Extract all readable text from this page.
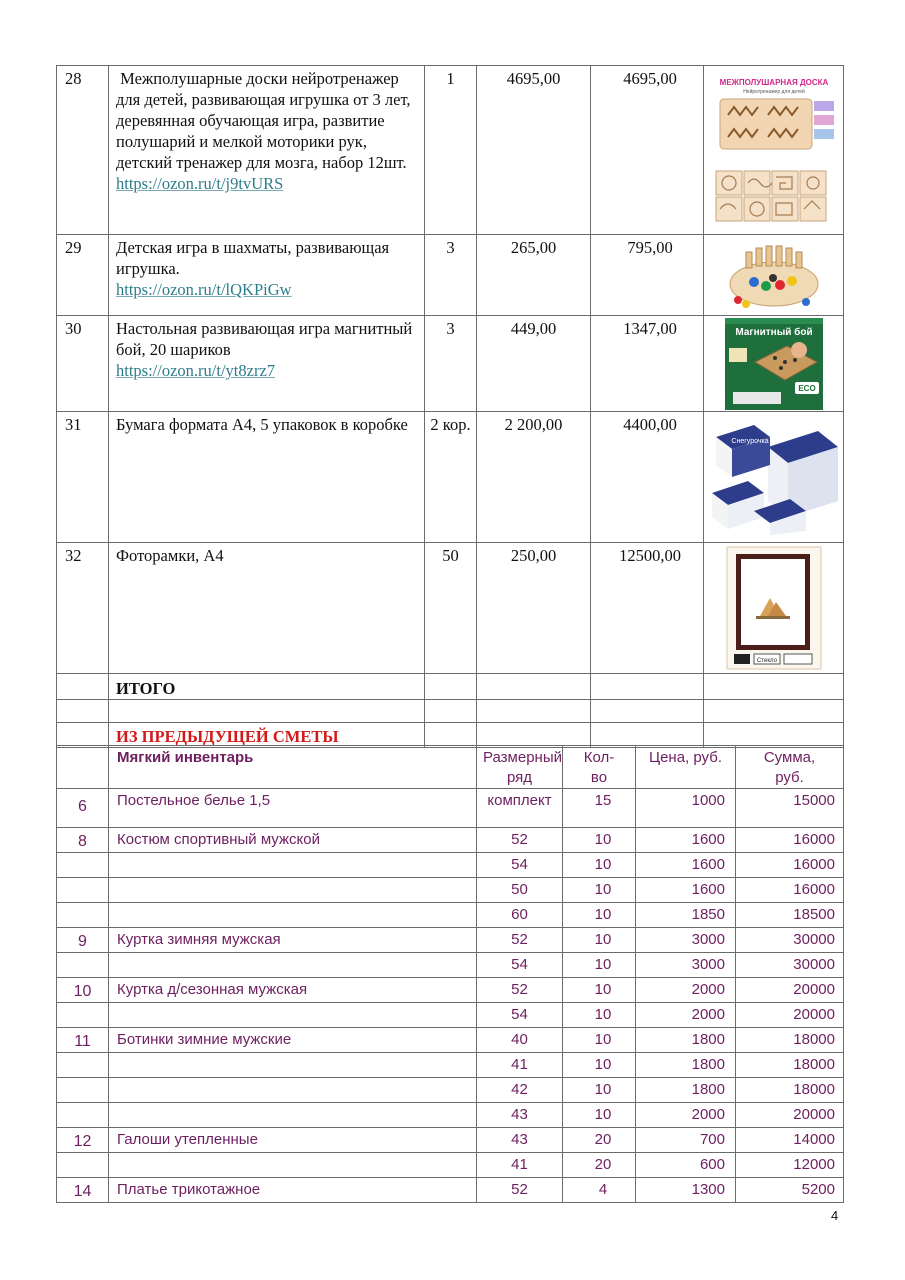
28	Межполушарные доски нейротренажер для детей, развивающая игрушка от 3 лет, деревянная обучающая игра, развитие полушарий и мелкой моторики рук, детский тренажер для мозга, набор 12шт.
https://ozon.ru/t/j9tvURS	1	4695,00	4695,00	МЕЖПОЛУШАРНАЯ ДОСКА
Нейротренажер для детей

29	Детская игра в шахматы, развивающая игрушка.
https://ozon.ru/t/lQKPiGw	3	265,00	795,00	

30	Настольная развивающая игра магнитный бой, 20 шариков
https://ozon.ru/t/yt8zrz7	3	449,00	1347,00	Магнитный бой
ECO

31	Бумага формата А4, 5 упаковок в коробке	2 кор.	2 200,00	4400,00	Снегурочка

32	Фоторамки, А4	50	250,00	12500,00	Стекло

	ИТОГО				

	ИЗ ПРЕДЫДУЩЕЙ СМЕТЫ				
	Мягкий инвентарь	Размерный ряд	Кол-во	Цена, руб.	Сумма, руб.
6	Постельное белье 1,5	комплект	15	1000	15000
8	Костюм спортивный мужской	52	10	1600	16000
		54	10	1600	16000
		50	10	1600	16000
		60	10	1850	18500
9	Куртка зимняя мужская	52	10	3000	30000
		54	10	3000	30000
10	Куртка д/сезонная мужская	52	10	2000	20000
		54	10	2000	20000
11	Ботинки зимние мужские	40	10	1800	18000
		41	10	1800	18000
		42	10	1800	18000
		43	10	2000	20000
12	Галоши утепленные	43	20	700	14000
		41	20	600	12000
14	Платье трикотажное	52	4	1300	5200
4
